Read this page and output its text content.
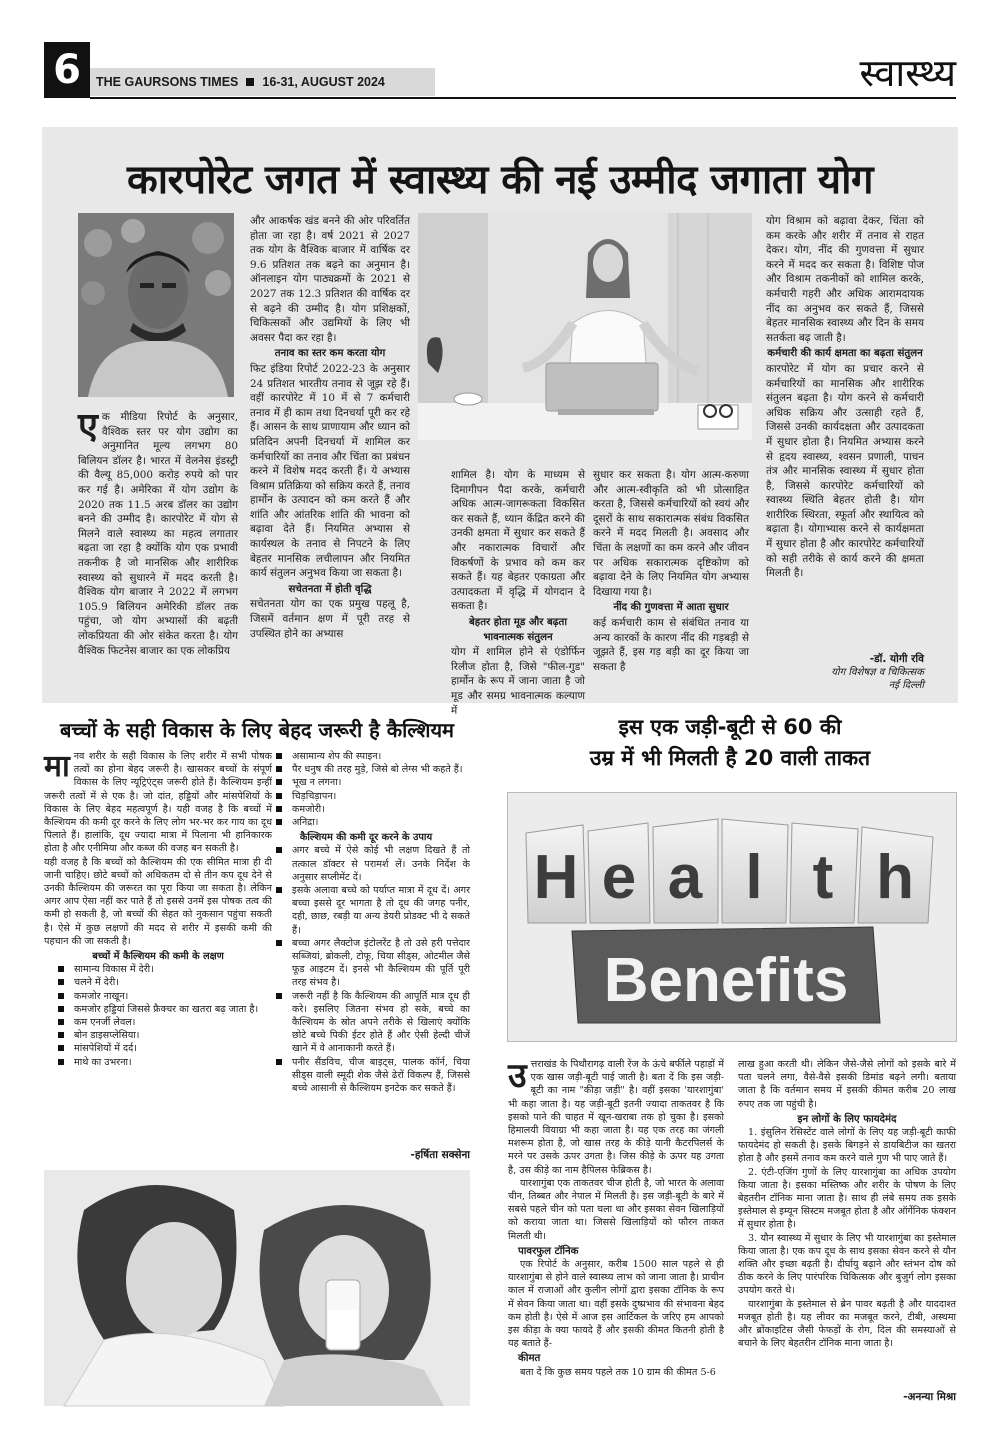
6	THE GAURSONS TIMES 16-31, AUGUST 2024	स्वास्थ्य
कारपोरेट जगत में स्वास्थ्य की नई उम्मीद जगाता योग
ए क मीडिया रिपोर्ट के अनुसार, वैश्विक स्तर पर योग उद्योग का अनुमानित मूल्य लगभग 80 बिलियन डॉलर है। भारत में वेलनेस इंडस्ट्री की वैल्यू 85,000 करोड़ रुपये को पार कर गई है। अमेरिका में योग उद्योग के 2020 तक 11.5 अरब डॉलर का उद्योग बनने की उम्मीद है। कारपोरेट में योग से मिलने वाले स्वास्थ्य का महत्व लगातार बढ़ता जा रहा है क्योंकि योग एक प्रभावी तकनीक है जो मानसिक और शारीरिक स्वास्थ्य को सुधारने में मदद करती है। वैश्विक योग बाजार ने 2022 में लगभग 105.9 बिलियन अमेरिकी डॉलर तक पहुंचा, जो योग अभ्यासों की बढ़ती लोकप्रियता की ओर संकेत करता है। योग वैश्विक फिटनेस बाजार का एक लोकप्रिय

और आकर्षक खंड बनने की ओर परिवर्तित होता जा रहा है। वर्ष 2021 से 2027 तक योग के वैश्विक बाजार में वार्षिक दर 9.6 प्रतिशत तक बढ़ने का अनुमान है। ऑनलाइन योग पाठ्यक्रमों के 2021 से 2027 तक 12.3 प्रतिशत की वार्षिक दर से बढ़ने की उम्मीद है। योग प्रशिक्षकों, चिकित्सकों और उद्यमियों के लिए भी अवसर पैदा कर रहा है।

तनाव का स्तर कम करता योग

फिट इंडिया रिपोर्ट 2022-23 के अनुसार 24 प्रतिशत भारतीय तनाव से जूझ रहे हैं। वहीं कारपोरेट में 10 में से 7 कर्मचारी तनाव में ही काम तथा दिनचर्या पूरी कर रहे हैं। आसन के साथ प्राणायाम और ध्यान को प्रतिदिन अपनी दिनचर्या में शामिल कर कर्मचारियों का तनाव और चिंता का प्रबंधन करने में विशेष मदद करती हैं। ये अभ्यास विश्राम प्रतिक्रिया को सक्रिय करते हैं, तनाव हार्मोन के उत्पादन को कम करते हैं और शांति और आंतरिक शांति की भावना को बढ़ावा देते हैं। नियमित अभ्यास से कार्यस्थल के तनाव से निपटने के लिए बेहतर मानसिक लचीलापन और नियमित कार्य संतुलन अनुभव किया जा सकता है।

सचेतनता में होती वृद्धि

सचेतनता योग का एक प्रमुख पहलू है, जिसमें वर्तमान क्षण में पूरी तरह से उपस्थित होने का अभ्यास

शामिल है। योग के माध्यम से दिमागीपन पैदा करके, कर्मचारी अधिक आत्म-जागरूकता विकसित कर सकते हैं, ध्यान केंद्रित करने की उनकी क्षमता में सुधार कर सकते हैं और नकारात्मक विचारों और विकर्षणों के प्रभाव को कम कर सकते हैं। यह बेहतर एकाग्रता और उत्पादकता में वृद्धि में योगदान दे सकता है।

बेहतर होता मूड और बढ़ता भावनात्मक संतुलन

योग में शामिल होने से एंडोर्फिन रिलीज होता है, जिसे "फील-गुड" हार्मोन के रूप में जाना जाता है जो मूड और समग्र भावनात्मक कल्याण में

सुधार कर सकता है। योग आत्म-करुणा और आत्म-स्वीकृति को भी प्रोत्साहित करता है, जिससे कर्मचारियों को स्वयं और दूसरों के साथ सकारात्मक संबंध विकसित करने में मदद मिलती है। अवसाद और चिंता के लक्षणों का कम करने और जीवन पर अधिक सकारात्मक दृष्टिकोण को बढ़ावा देने के लिए नियमित योग अभ्यास दिखाया गया है।

नींद की गुणवत्ता में आता सुधार

कई कर्मचारी काम से संबंधित तनाव या अन्य कारकों के कारण नींद की गड़बड़ी से जूझते हैं, इस गड़ बड़ी का दूर किया जा सकता है

योग विश्राम को बढ़ावा देकर, चिंता को कम करके और शरीर में तनाव से राहत देकर। योग, नींद की गुणवत्ता में सुधार करने में मदद कर सकता है। विशिष्ट पोज और विश्राम तकनीकों को शामिल करके, कर्मचारी गहरी और अधिक आरामदायक नींद का अनुभव कर सकते हैं, जिससे बेहतर मानसिक स्वास्थ्य और दिन के समय सतर्कता बढ़ जाती है।

कर्मचारी की कार्य क्षमता का बढ़ता संतुलन

कारपोरेट में योग का प्रचार करने से कर्मचारियों का मानसिक और शारीरिक संतुलन बढ़ता है। योग करने से कर्मचारी अधिक सक्रिय और उत्साही रहते हैं, जिससे उनकी कार्यदक्षता और उत्पादकता में सुधार होता है। नियमित अभ्यास करने से हृदय स्वास्थ्य, श्वसन प्रणाली, पाचन तंत्र और मानसिक स्वास्थ्य में सुधार होता है, जिससे कारपोरेट कर्मचारियों को स्वास्थ्य स्थिति बेहतर होती है। योग शारीरिक स्थिरता, स्फूर्ता और स्थायित्व को बढ़ाता है। योगाभ्यास करने से कार्यक्षमता में सुधार होता है और कारपोरेट कर्मचारियों को सही तरीके से कार्य करने की क्षमता मिलती है।

-डॉ. योगी रवि
योग विशेषज्ञ व चिकित्सक
नई दिल्ली
बच्चों के सही विकास के लिए बेहद जरूरी है कैल्शियम
मा नव शरीर के सही विकास के लिए शरीर में सभी पोषक तत्वों का होना बेहद जरूरी है। खासकर बच्चों के संपूर्ण विकास के लिए न्यूट्रिएंट्स जरूरी होते हैं। कैल्शियम इन्हीं जरूरी तत्वों में से एक है। जो दांत, हड्डियों और मांसपेशियों के विकास के लिए बेहद महत्वपूर्ण है। यही वजह है कि बच्चों में कैल्शियम की कमी दूर करने के लिए लोग भर-भर कर गाय का दूध पिलाते हैं। हालांकि, दूध ज्यादा मात्रा में पिलाना भी हानिकारक होता है और एनीमिया और कब्ज की वजह बन सकती है।

यही वजह है कि बच्चों को कैल्शियम की एक सीमित मात्रा ही दी जानी चाहिए। छोटे बच्चों को अधिकतम दो से तीन कप दूध देने से उनकी कैल्शियम की जरूरत का पूरा किया जा सकता है। लेकिन अगर आप ऐसा नहीं कर पाते हैं तो इससे उनमें इस पोषक तत्व की कमी हो सकती है, जो बच्चों की सेहत को नुकसान पहुंचा सकती है। ऐसे में कुछ लक्षणों की मदद से शरीर में इसकी कमी की पहचान की जा सकती है।

बच्चों में कैल्शियम की कमी के लक्षण

सामान्य विकास में देरी।
चलने में देरी।
कमजोर नाखून।
कमजोर हड्डियां जिससे फ्रैक्चर का खतरा बढ़ जाता है।
कम एनर्जी लेवल।
बोन डाइसप्लेसिया।
मांसपेशियों में दर्द।
माथे का उभरना।
असामान्य शेप की स्पाइन।
पैर धनुष की तरह मुड़े, जिसे बो लेग्स भी कहते हैं।
भूख न लगना।
चिड़चिड़ापन।
कमजोरी।
अनिद्रा।

कैल्शियम की कमी दूर करने के उपाय

अगर बच्चे में ऐसे कोई भी लक्षण दिखते हैं तो तत्काल डॉक्टर से परामर्श लें। उनके निर्देश के अनुसार सप्लीमेंट दें।
इसके अलावा बच्चे को पर्याप्त मात्रा में दूध दें। अगर बच्चा इससे दूर भागता है तो दूध की जगह पनीर, दही, छाछ, रबड़ी या अन्य डेयरी प्रोडक्ट भी दे सकते हैं।
बच्चा अगर लैक्टोज इंटोलरेंट है तो उसे हरी पत्तेदार सब्जियां, ब्रोकली, टोफू, चिया सीड्स, ओटमील जैसे फूड आइटम दें। इनसे भी कैल्शियम की पूर्ति पूरी तरह संभव है।
जरूरी नहीं है कि कैल्शियम की आपूर्ति मात्र दूध ही करे। इसलिए जितना संभव हो सके, बच्चे का कैल्शियम के स्रोत अपने तरीके से खिलाएं क्योंकि छोटे बच्चे पिकी ईटर होते हैं और ऐसी हेल्दी चीजें खाने में वे आनाकानी करते हैं।
पनीर सैंडविच, चीज बाइट्स, पालक कॉर्न, चिया सीड्स वाली स्मूदी शेक जैसे ढेरों विकल्प हैं, जिससे बच्चे आसानी से कैल्शियम इनटेक कर सकते हैं।
-हर्षिता सक्सेना
इस एक जड़ी-बूटी से 60 की
उम्र में भी मिलती है 20 वाली ताकत
H e a l t h
Benefits
उ त्तराखंड के पिथौरागढ़ वाली रेंज के ऊंचे बर्फीले पहाड़ों में एक खास जड़ी-बूटी पाई जाती है। बता दें कि इस जड़ी-बूटी का नाम "कीड़ा जड़ी" है। वहीं इसका 'यारशागुंबा' भी कहा जाता है। यह जड़ी-बूटी इतनी ज्यादा ताकतवर है कि इसको पाने की चाहत में खून-खराबा तक हो चुका है। इसको हिमालयी वियाग्रा भी कहा जाता है। यह एक तरह का जंगली मशरूम होता है, जो खास तरह के कीड़े यानी कैटरपिलर्स के मरने पर उसके ऊपर उगता है। जिस कीड़े के ऊपर यह उगता है, उस कीड़े का नाम हैपिलस फेब्रिकस है।

यारशागुंबा एक ताकतवर चीज होती है, जो भारत के अलावा चीन, तिब्बत और नेपाल में मिलती है। इस जड़ी-बूटी के बारे में सबसे पहले चीन को पता चला था और इसका सेवन खिलाड़ियों को कराया जाता था। जिससे खिलाड़ियों को फौरन ताकत मिलती थी।

पावरफुल टॉनिक

एक रिपोर्ट के अनुसार, करीब 1500 साल पहले से ही यारशागुंबा से होने वाले स्वास्थ्य लाभ को जाना जाता है। प्राचीन काल में राजाओं और कुलीन लोगों द्वारा इसका टॉनिक के रूप में सेवन किया जाता था। वहीं इसके दुष्प्रभाव की संभावना बेहद कम होती है। ऐसे में आज इस आर्टिकल के जरिए हम आपको इस कीड़ा के क्या फायदे हैं और इसकी कीमत कितनी होती है यह बताते हैं-

कीमत

बता दें कि कुछ समय पहले तक 10 ग्राम की कीमत 5-6

लाख हुआ करती थी। लेकिन जैसे-जैसे लोगों को इसके बारे में पता चलने लगा, वैसे-वैसे इसकी डिमांड बढ़ने लगी। बताया जाता है कि वर्तमान समय में इसकी कीमत करीब 20 लाख रुपए तक जा पहुंची है।

इन लोगों के लिए फायदेमंद

1. इंसुलिन रेसिस्टेंट वाले लोगों के लिए यह जड़ी-बूटी काफी फायदेमंद हो सकती है। इसके बिगड़ने से डायबिटीज का खतरा होता है और इसमें तनाव कम करने वाले गुण भी पाए जाते हैं।

2. एंटी-एजिंग गुणों के लिए यारशागुंबा का अधिक उपयोग किया जाता है। इसका मस्तिष्क और शरीर के पोषण के लिए बेहतरीन टॉनिक माना जाता है। साथ ही लंबे समय तक इसके इस्तेमाल से इम्यून सिस्टम मजबूत होता है और ऑर्गेनिक फंक्शन में सुधार होता है।

3. यौन स्वास्थ्य में सुधार के लिए भी यारशागुंबा का इस्तेमाल किया जाता है। एक कप दूध के साथ इसका सेवन करने से यौन शक्ति और इच्छा बढ़ती है। दीर्घायु बढ़ाने और स्तंभन दोष को ठीक करने के लिए पारंपरिक चिकित्सक और बुजुर्ग लोग इसका उपयोग करते थे।

यारशागुंबा के इस्तेमाल से ब्रेन पावर बढ़ती है और याददाश्त मजबूत होती है। यह लीवर का मजबूत करने, टीबी, अस्थमा और ब्रोंकाइटिस जैसी फेफड़ों के रोग, दिल की समस्याओं से बचाने के लिए बेहतरीन टॉनिक माना जाता है।

-अनन्या मिश्रा
